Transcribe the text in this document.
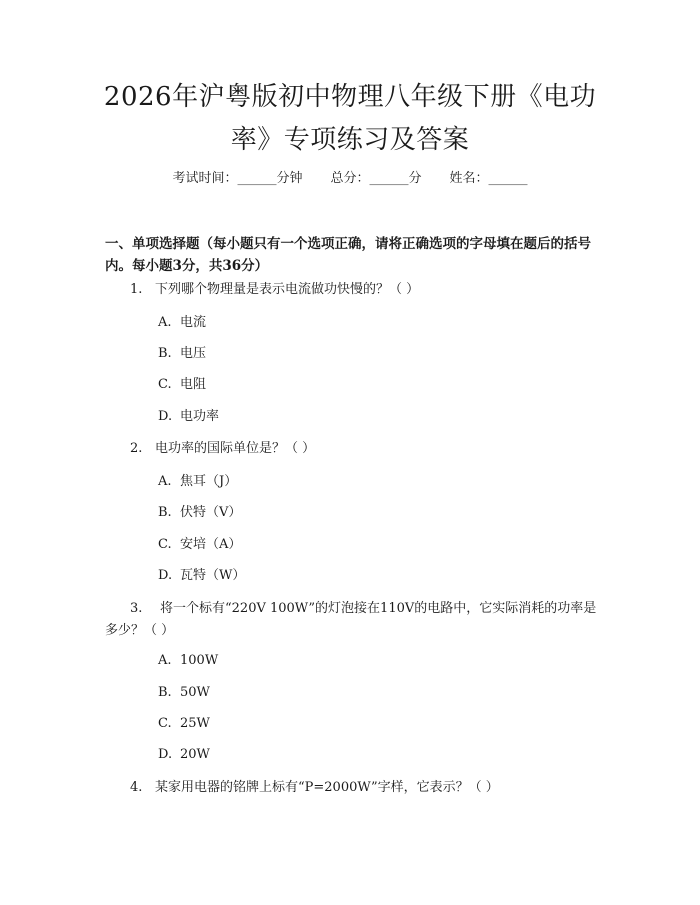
2026年沪粤版初中物理八年级下册《电功
率》专项练习及答案
考试时间：______分钟 总分：______分 姓名：______
一、单项选择题（每小题只有一个选项正确，请将正确选项的字母填在题后的括号内。每小题3分，共36分）
1. 下列哪个物理量是表示电流做功快慢的？（ ）
A. 电流
B. 电压
C. 电阻
D. 电功率
2. 电功率的国际单位是？（ ）
A. 焦耳（J）
B. 伏特（V）
C. 安培（A）
D. 瓦特（W）
3.	将一个标有“220V 100W”的灯泡接在110V的电路中，它实际消耗的功率是多少？（ ）
A. 100W
B. 50W
C. 25W
D. 20W
4. 某家用电器的铭牌上标有“P=2000W”字样，它表示？（ ）
